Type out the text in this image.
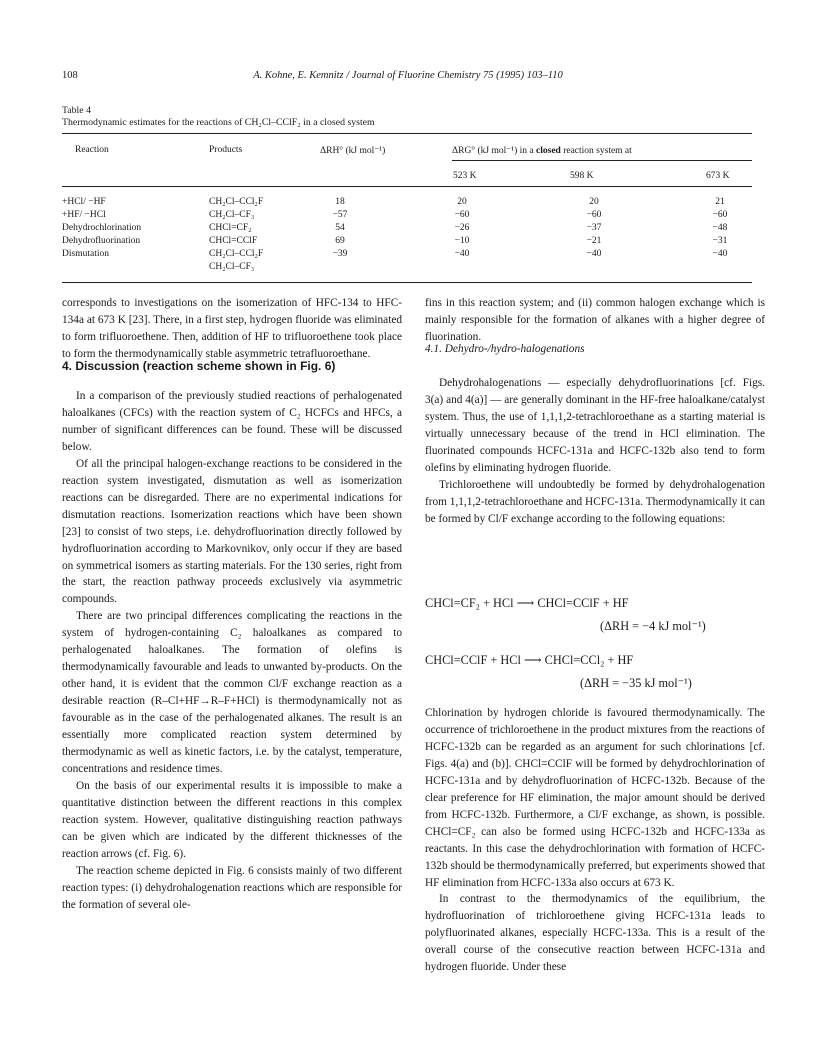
108	A. Kohne, E. Kemnitz / Journal of Fluorine Chemistry 75 (1995) 103–110
Table 4
Thermodynamic estimates for the reactions of CH₂Cl–CClF₂ in a closed system
Reaction	Products	ΔRH° (kJ mol⁻¹)	ΔRG° (kJ mol⁻¹) in a closed reaction system at
523 K	598 K	673 K
+HCl/ −HF	CH₂Cl–CCl₂F	18	20	20	21
+HF/ −HCl	CH₂Cl–CF₃	−57	−60	−60	−60
Dehydrochlorination	CHCl=CF₂	54	−26	−37	−48
Dehydrofluorination	CHCl=CClF	69	−10	−21	−31
Dismutation	CH₂Cl–CCl₂F	−39	−40	−40	−40
CH₂Cl–CF₃

corresponds to investigations on the isomerization of HFC-134 to HFC-134a at 673 K [23]. There, in a first step, hydrogen fluoride was eliminated to form trifluoroethene. Then, addition of HF to trifluoroethene took place to form the thermodynamically stable asymmetric tetrafluoroethane.

4. Discussion (reaction scheme shown in Fig. 6)

In a comparison of the previously studied reactions of perhalogenated haloalkanes (CFCs) with the reaction system of C₂ HCFCs and HFCs, a number of significant differences can be found. These will be discussed below.

Of all the principal halogen-exchange reactions to be considered in the reaction system investigated, dismutation as well as isomerization reactions can be disregarded. There are no experimental indications for dismutation reactions. Isomerization reactions which have been shown [23] to consist of two steps, i.e. dehydrofluorination directly followed by hydrofluorination according to Markovnikov, only occur if they are based on symmetrical isomers as starting materials. For the 130 series, right from the start, the reaction pathway proceeds exclusively via asymmetric compounds.

There are two principal differences complicating the reactions in the system of hydrogen-containing C₂ haloalkanes as compared to perhalogenated haloalkanes. The formation of olefins is thermodynamically favourable and leads to unwanted by-products. On the other hand, it is evident that the common Cl/F exchange reaction as a desirable reaction (R–Cl+HF→R–F+HCl) is thermodynamically not as favourable as in the case of the perhalogenated alkanes. The result is an essentially more complicated reaction system determined by thermodynamic as well as kinetic factors, i.e. by the catalyst, temperature, concentrations and residence times.

On the basis of our experimental results it is impossible to make a quantitative distinction between the different reactions in this complex reaction system. However, qualitative distinguishing reaction pathways can be given which are indicated by the different thicknesses of the reaction arrows (cf. Fig. 6).

The reaction scheme depicted in Fig. 6 consists mainly of two different reaction types: (i) dehydrohalogenation reactions which are responsible for the formation of several ole-

fins in this reaction system; and (ii) common halogen exchange which is mainly responsible for the formation of alkanes with a higher degree of fluorination.

4.1. Dehydro-/hydro-halogenations

Dehydrohalogenations — especially dehydrofluorinations [cf. Figs. 3(a) and 4(a)] — are generally dominant in the HF-free haloalkane/catalyst system. Thus, the use of 1,1,1,2-tetrachloroethane as a starting material is virtually unnecessary because of the trend in HCl elimination. The fluorinated compounds HCFC-131a and HCFC-132b also tend to form olefins by eliminating hydrogen fluoride.

Trichloroethene will undoubtedly be formed by dehydrohalogenation from 1,1,1,2-tetrachloroethane and HCFC-131a. Thermodynamically it can be formed by Cl/F exchange according to the following equations:

CHCl=CF₂ + HCl ⟶ CHCl=CClF + HF
(ΔRH = −4 kJ mol⁻¹)
CHCl=CClF + HCl ⟶ CHCl=CCl₂ + HF
(ΔRH = −35 kJ mol⁻¹)

Chlorination by hydrogen chloride is favoured thermodynamically. The occurrence of trichloroethene in the product mixtures from the reactions of HCFC-132b can be regarded as an argument for such chlorinations [cf. Figs. 4(a) and (b)]. CHCl=CClF will be formed by dehydrochlorination of HCFC-131a and by dehydrofluorination of HCFC-132b. Because of the clear preference for HF elimination, the major amount should be derived from HCFC-132b. Furthermore, a Cl/F exchange, as shown, is possible. CHCl=CF₂ can also be formed using HCFC-132b and HCFC-133a as reactants. In this case the dehydrochlorination with formation of HCFC-132b should be thermodynamically preferred, but experiments showed that HF elimination from HCFC-133a also occurs at 673 K.

In contrast to the thermodynamics of the equilibrium, the hydrofluorination of trichloroethene giving HCFC-131a leads to polyfluorinated alkanes, especially HCFC-133a. This is a result of the overall course of the consecutive reaction between HCFC-131a and hydrogen fluoride. Under these
